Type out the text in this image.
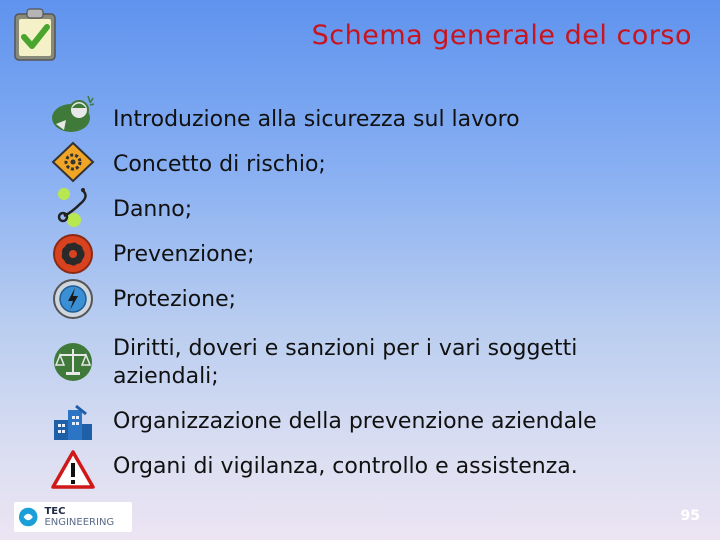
Schema generale del corso
Introduzione alla sicurezza sul lavoro
Concetto di rischio;
Danno;
Prevenzione;
Protezione;
Diritti, doveri e sanzioni per i vari soggetti aziendali;
Organizzazione della prevenzione aziendale
Organi di vigilanza, controllo e assistenza.
TEC ENGINEERING	95
